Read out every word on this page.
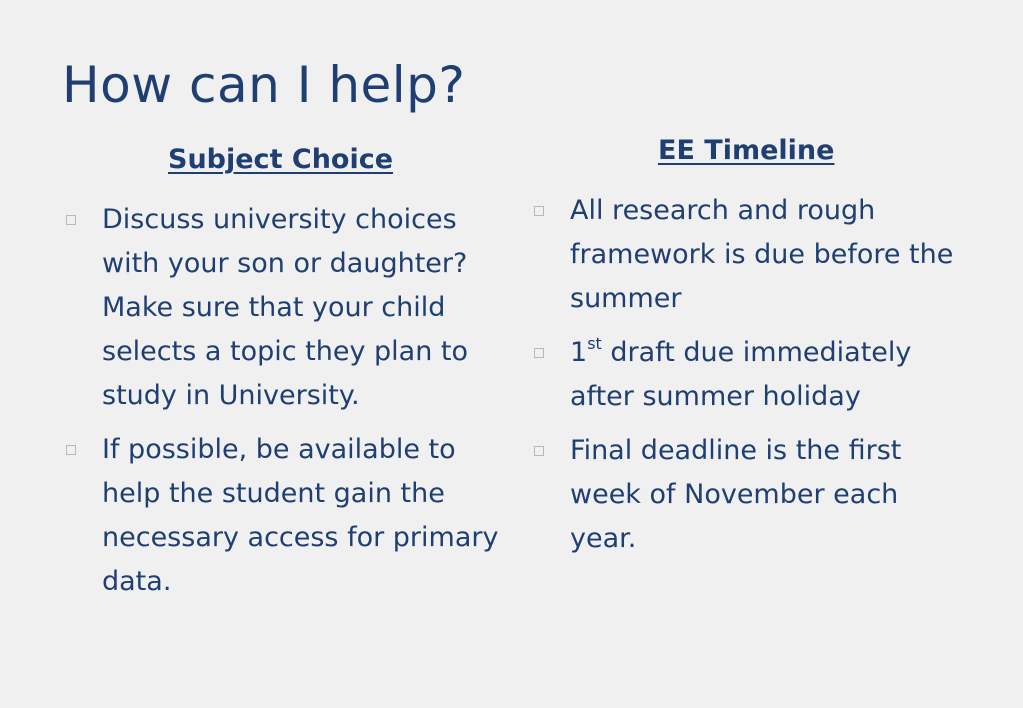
How can I help?
Subject Choice
Discuss university choices with your son or daughter? Make sure that your child selects a topic they plan to study in University.
If possible, be available to help the student gain the necessary access for primary data.
EE Timeline
All research and rough framework is due before the summer
1st draft due immediately after summer holiday
Final deadline is the first week of November each year.
